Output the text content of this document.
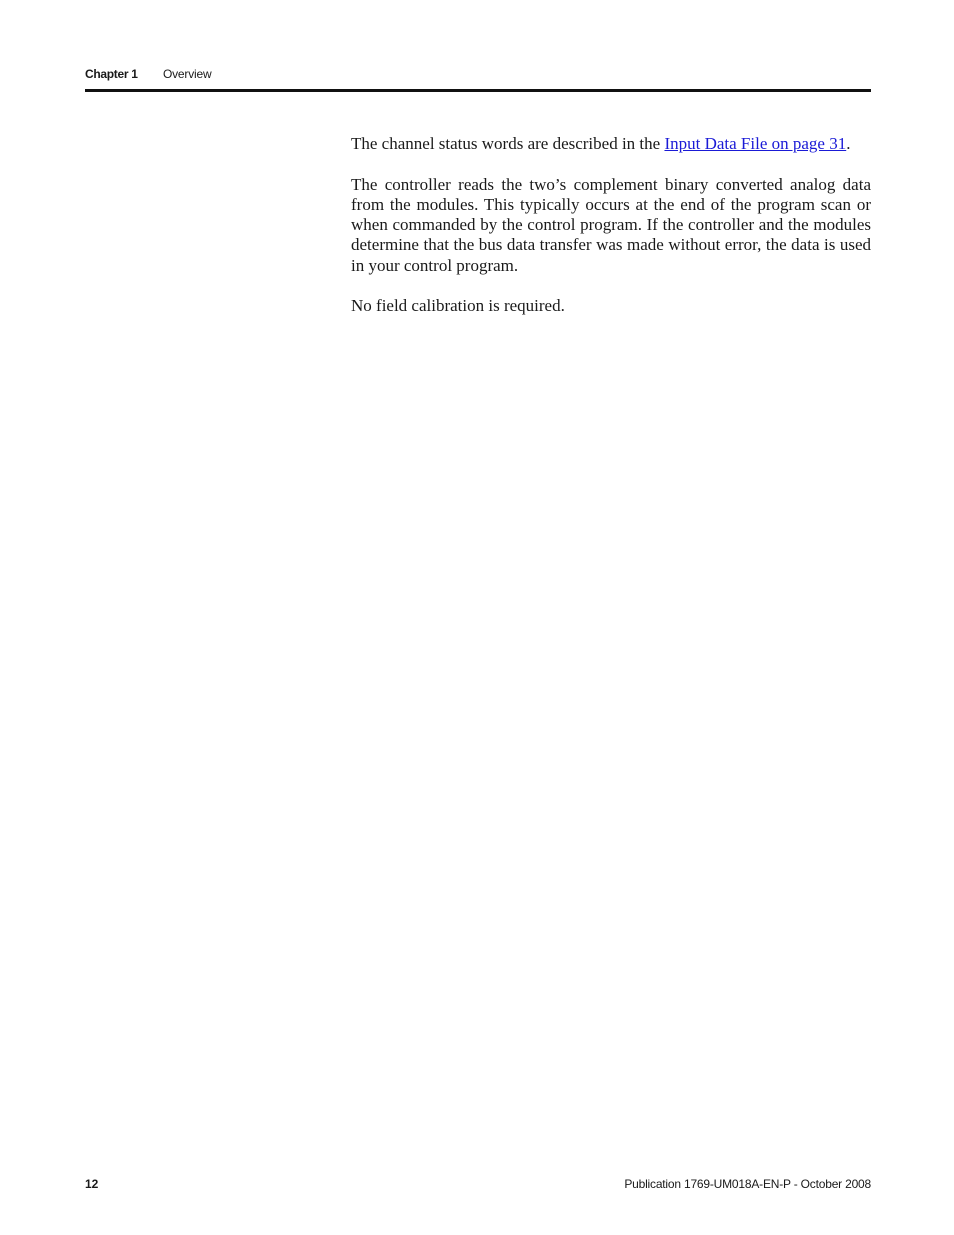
Chapter 1 Overview

The channel status words are described in the Input Data File on page 31.

The controller reads the two’s complement binary converted analog data from the modules. This typically occurs at the end of the program scan or when commanded by the control program. If the controller and the modules determine that the bus data transfer was made without error, the data is used in your control program.

No field calibration is required.

12	Publication 1769-UM018A-EN-P - October 2008
